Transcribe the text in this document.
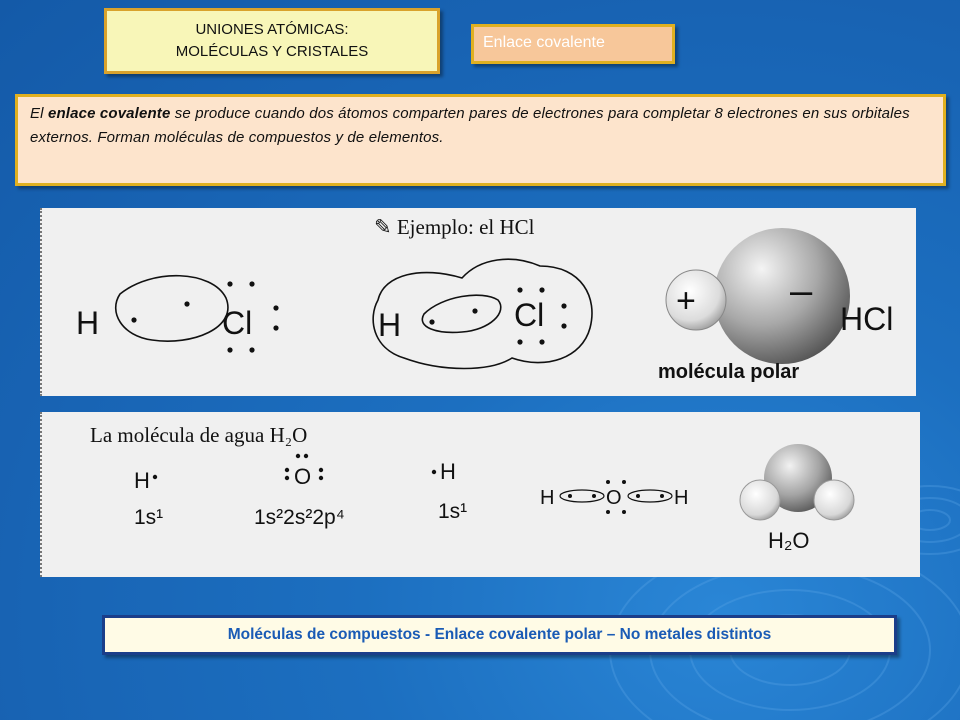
UNIONES ATÓMICAS:
MOLÉCULAS Y CRISTALES
Enlace covalente
El enlace covalente se produce cuando dos átomos comparten pares de electrones para completar 8 electrones en sus orbitales externos. Forman moléculas de compuestos y de elementos.
✎ Ejemplo: el HCl
H	Cl	H	Cl	+ –
HCl
molécula polar
La molécula de agua H₂O
H
1s¹
O
1s²2s²2p⁴
H
1s¹
H	O	H
H₂O
Moléculas de compuestos - Enlace covalente polar – No metales distintos
